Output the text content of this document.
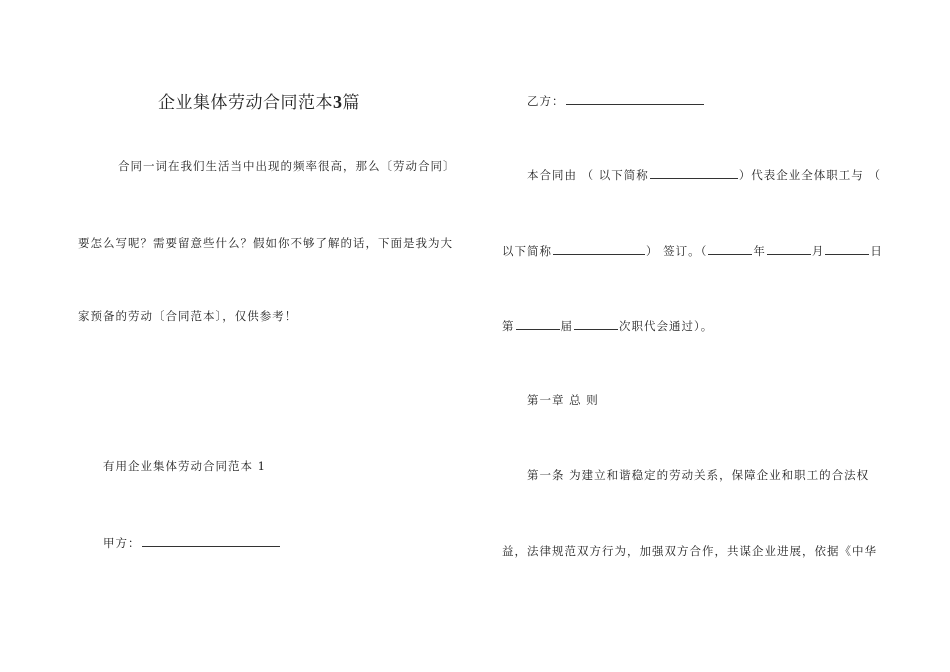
企业集体劳动合同范本3篇
合同一词在我们生活当中出现的频率很高，那么〔劳动合同〕
要怎么写呢？需要留意些什么？假如你不够了解的话，下面是我为大
家预备的劳动〔合同范本〕，仅供参考！
有用企业集体劳动合同范本 1
甲方：
乙方：
本合同由 （ 以下简称	）代表企业全体职工与 （
以下简称	） 签订。（	年	月	日
第	届	次职代会通过）。
第一章 总 则
第一条 为建立和谐稳定的劳动关系，保障企业和职工的合法权
益，法律规范双方行为，加强双方合作，共谋企业进展，依据《中华
